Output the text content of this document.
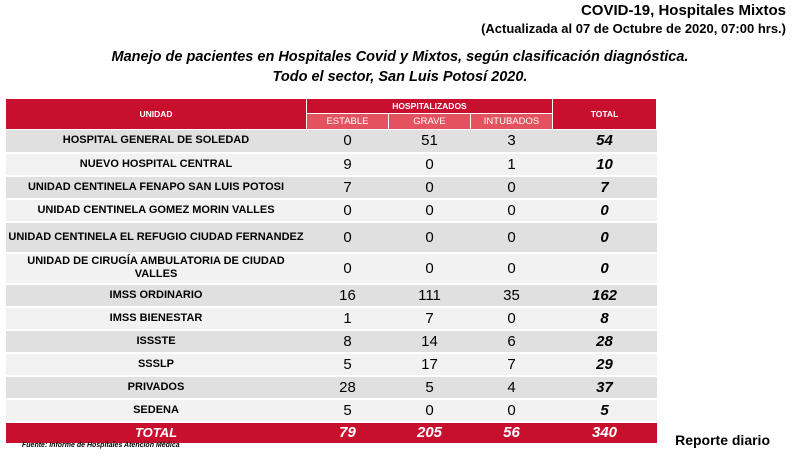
COVID-19, Hospitales Mixtos
(Actualizada al 07 de Octubre de 2020, 07:00 hrs.)
Manejo de pacientes en Hospitales Covid y Mixtos, según clasificación diagnóstica.
Todo el sector, San Luis Potosí 2020.
UNIDAD	HOSPITALIZADOS			TOTAL
	ESTABLE	GRAVE	INTUBADOS	
HOSPITAL GENERAL DE SOLEDAD	0	51	3	54
NUEVO HOSPITAL CENTRAL	9	0	1	10
UNIDAD CENTINELA FENAPO SAN LUIS POTOSI	7	0	0	7
UNIDAD CENTINELA GOMEZ MORIN VALLES	0	0	0	0
UNIDAD CENTINELA EL REFUGIO CIUDAD FERNANDEZ	0	0	0	0
UNIDAD DE CIRUGÍA AMBULATORIA DE CIUDAD VALLES	0	0	0	0
IMSS ORDINARIO	16	111	35	162
IMSS BIENESTAR	1	7	0	8
ISSSTE	8	14	6	28
SSSLP	5	17	7	29
PRIVADOS	28	5	4	37
SEDENA	5	0	0	5
TOTAL	79	205	56	340
Fuente: Informe de Hospitales Atención Médica	Reporte diario
